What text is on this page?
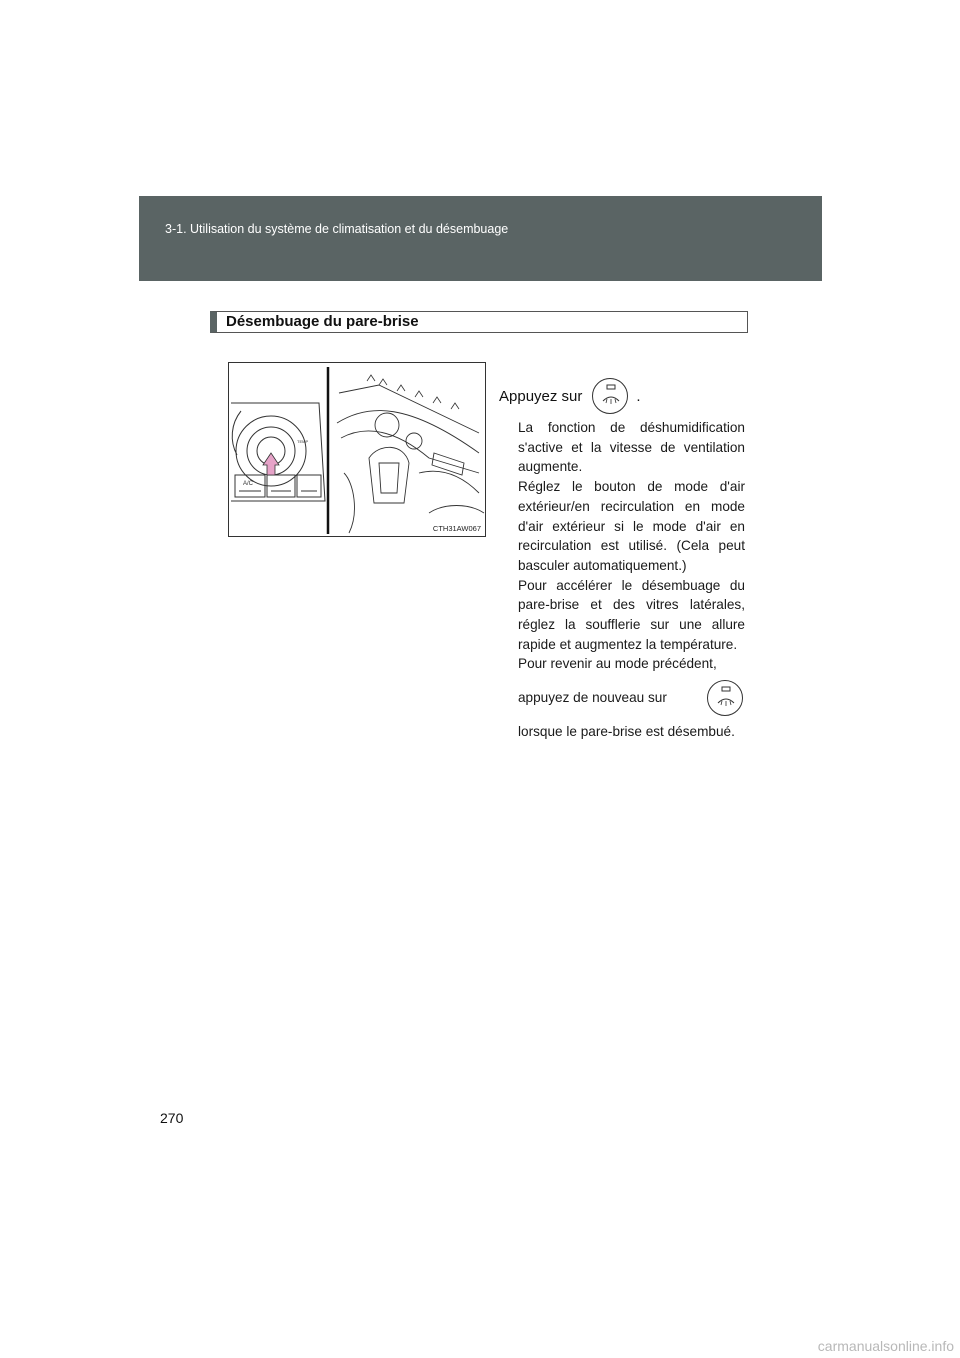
3-1. Utilisation du système de climatisation et du désembuage
Désembuage du pare-brise
A/C
TEMP
CTH31AW067
Appuyez sur	.

La fonction de déshumidification s'active et la vitesse de ventilation augmente.

Réglez le bouton de mode d'air extérieur/en recirculation en mode d'air extérieur si le mode d'air en recirculation est utilisé. (Cela peut basculer automatiquement.)

Pour accélérer le désembuage du pare-brise et des vitres latérales, réglez la soufflerie sur une allure rapide et augmentez la température.

Pour revenir au mode précédent,

appuyez de nouveau sur

lorsque le pare-brise est désembué.

270
carmanualsonline.info
